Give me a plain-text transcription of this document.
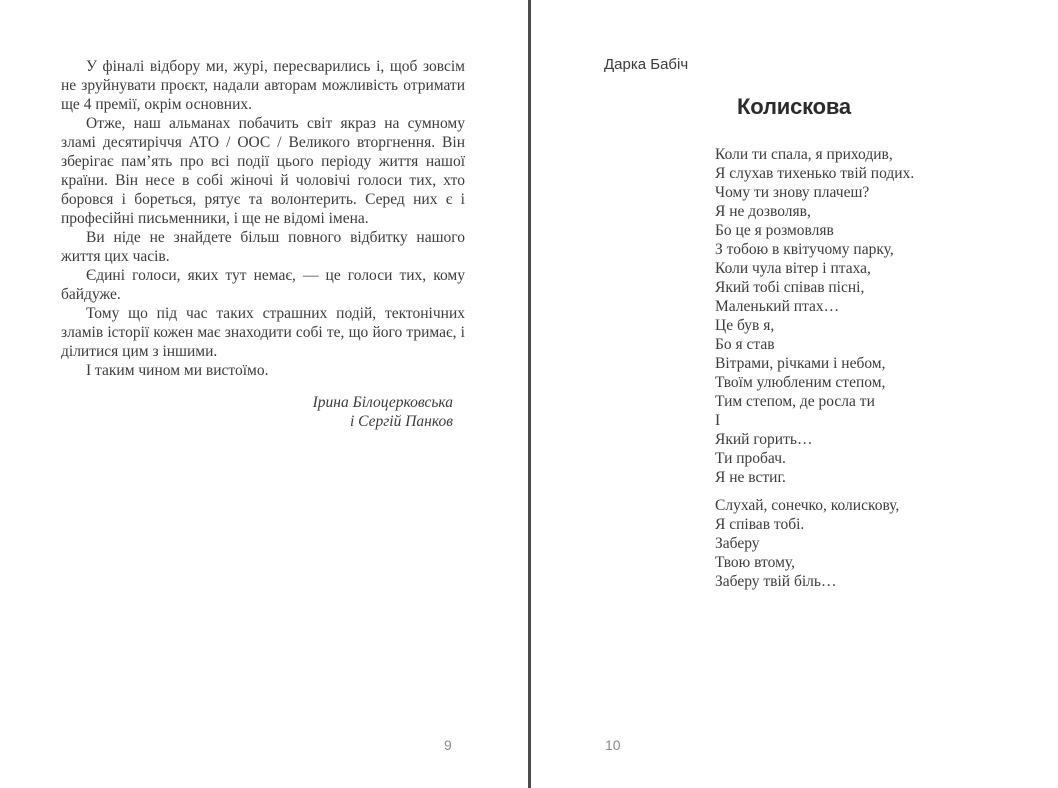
У фіналі відбору ми, журі, пересварились і, щоб зовсім не зруйнувати проєкт, надали авторам можливість отримати ще 4 премії, окрім основних.

Отже, наш альманах побачить світ якраз на сумному зламі десятиріччя АТО / ООС / Великого вторгнення. Він зберігає пам’ять про всі події цього періоду життя нашої країни. Він несе в собі жіночі й чоловічі голоси тих, хто боровся і бореться, рятує та волонтерить. Серед них є і професійні письменники, і ще не відомі імена.

Ви ніде не знайдете більш повного відбитку нашого життя цих часів.

Єдині голоси, яких тут немає, — це голоси тих, кому байдуже.

Тому що під час таких страшних подій, тектонічних зламів історії кожен має знаходити собі те, що його тримає, і ділитися цим з іншими.

І таким чином ми вистоїмо.

Ірина Білоцерковська
і Сергій Панков
9
Дарка Бабіч
Колискова
Коли ти спала, я приходив,
Я слухав тихенько твій подих.
Чому ти знову плачеш?
Я не дозволяв,
Бо це я розмовляв
З тобою в квітучому парку,
Коли чула вітер і птаха,
Який тобі співав пісні,
Маленький птах…
Це був я,
Бо я став
Вітрами, річками і небом,
Твоїм улюбленим степом,
Тим степом, де росла ти
І
Який горить…
Ти пробач.
Я не встиг.
Слухай, сонечко, колискову,
Я співав тобі.
Заберу
Твою втому,
Заберу твій біль…
10
